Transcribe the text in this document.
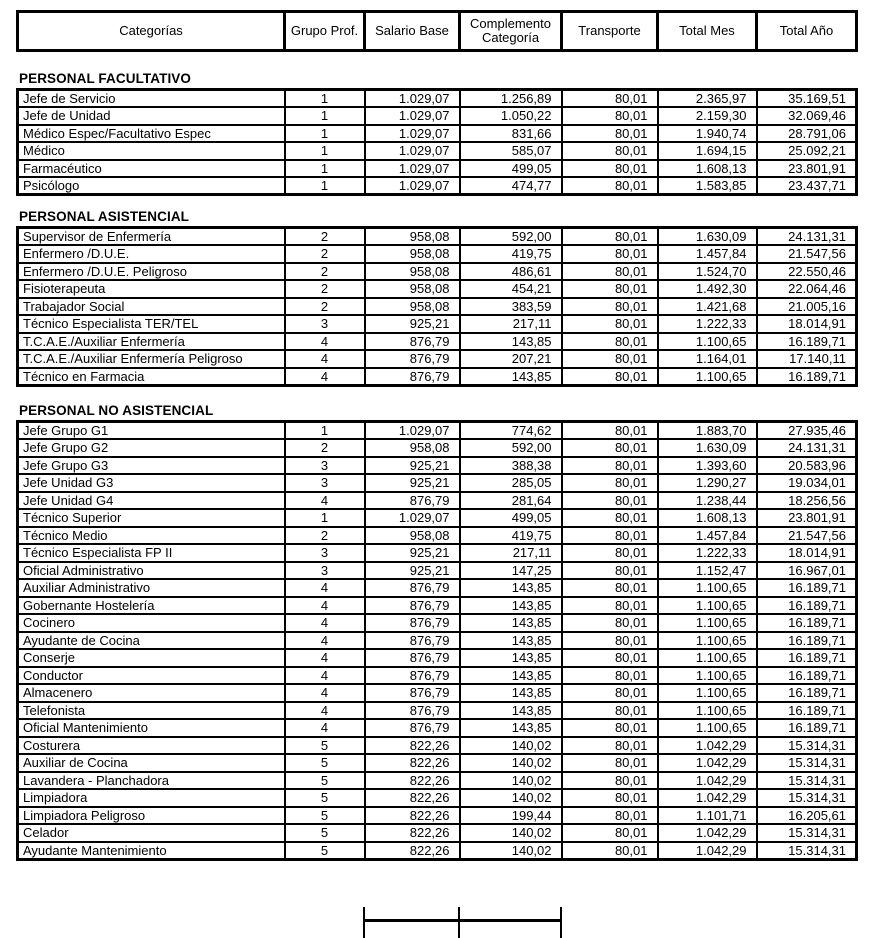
Categorías	Grupo Prof.	Salario Base	Complemento Categoría	Transporte	Total Mes	Total Año
PERSONAL FACULTATIVO
Jefe de Servicio	1	1.029,07	1.256,89	80,01	2.365,97	35.169,51
Jefe de Unidad	1	1.029,07	1.050,22	80,01	2.159,30	32.069,46
Médico Espec/Facultativo Espec	1	1.029,07	831,66	80,01	1.940,74	28.791,06
Médico	1	1.029,07	585,07	80,01	1.694,15	25.092,21
Farmacéutico	1	1.029,07	499,05	80,01	1.608,13	23.801,91
Psicólogo	1	1.029,07	474,77	80,01	1.583,85	23.437,71
PERSONAL ASISTENCIAL
Supervisor de Enfermería	2	958,08	592,00	80,01	1.630,09	24.131,31
Enfermero /D.U.E.	2	958,08	419,75	80,01	1.457,84	21.547,56
Enfermero /D.U.E. Peligroso	2	958,08	486,61	80,01	1.524,70	22.550,46
Fisioterapeuta	2	958,08	454,21	80,01	1.492,30	22.064,46
Trabajador Social	2	958,08	383,59	80,01	1.421,68	21.005,16
Técnico Especialista TER/TEL	3	925,21	217,11	80,01	1.222,33	18.014,91
T.C.A.E./Auxiliar Enfermería	4	876,79	143,85	80,01	1.100,65	16.189,71
T.C.A.E./Auxiliar Enfermería Peligroso	4	876,79	207,21	80,01	1.164,01	17.140,11
Técnico en Farmacia	4	876,79	143,85	80,01	1.100,65	16.189,71
PERSONAL NO ASISTENCIAL
Jefe Grupo G1	1	1.029,07	774,62	80,01	1.883,70	27.935,46
Jefe Grupo G2	2	958,08	592,00	80,01	1.630,09	24.131,31
Jefe Grupo G3	3	925,21	388,38	80,01	1.393,60	20.583,96
Jefe Unidad G3	3	925,21	285,05	80,01	1.290,27	19.034,01
Jefe Unidad G4	4	876,79	281,64	80,01	1.238,44	18.256,56
Técnico Superior	1	1.029,07	499,05	80,01	1.608,13	23.801,91
Técnico Medio	2	958,08	419,75	80,01	1.457,84	21.547,56
Técnico Especialista FP II	3	925,21	217,11	80,01	1.222,33	18.014,91
Oficial Administrativo	3	925,21	147,25	80,01	1.152,47	16.967,01
Auxiliar Administrativo	4	876,79	143,85	80,01	1.100,65	16.189,71
Gobernante Hostelería	4	876,79	143,85	80,01	1.100,65	16.189,71
Cocinero	4	876,79	143,85	80,01	1.100,65	16.189,71
Ayudante de Cocina	4	876,79	143,85	80,01	1.100,65	16.189,71
Conserje	4	876,79	143,85	80,01	1.100,65	16.189,71
Conductor	4	876,79	143,85	80,01	1.100,65	16.189,71
Almacenero	4	876,79	143,85	80,01	1.100,65	16.189,71
Telefonista	4	876,79	143,85	80,01	1.100,65	16.189,71
Oficial Mantenimiento	4	876,79	143,85	80,01	1.100,65	16.189,71
Costurera	5	822,26	140,02	80,01	1.042,29	15.314,31
Auxiliar de Cocina	5	822,26	140,02	80,01	1.042,29	15.314,31
Lavandera - Planchadora	5	822,26	140,02	80,01	1.042,29	15.314,31
Limpiadora	5	822,26	140,02	80,01	1.042,29	15.314,31
Limpiadora Peligroso	5	822,26	199,44	80,01	1.101,71	16.205,61
Celador	5	822,26	140,02	80,01	1.042,29	15.314,31
Ayudante Mantenimiento	5	822,26	140,02	80,01	1.042,29	15.314,31
